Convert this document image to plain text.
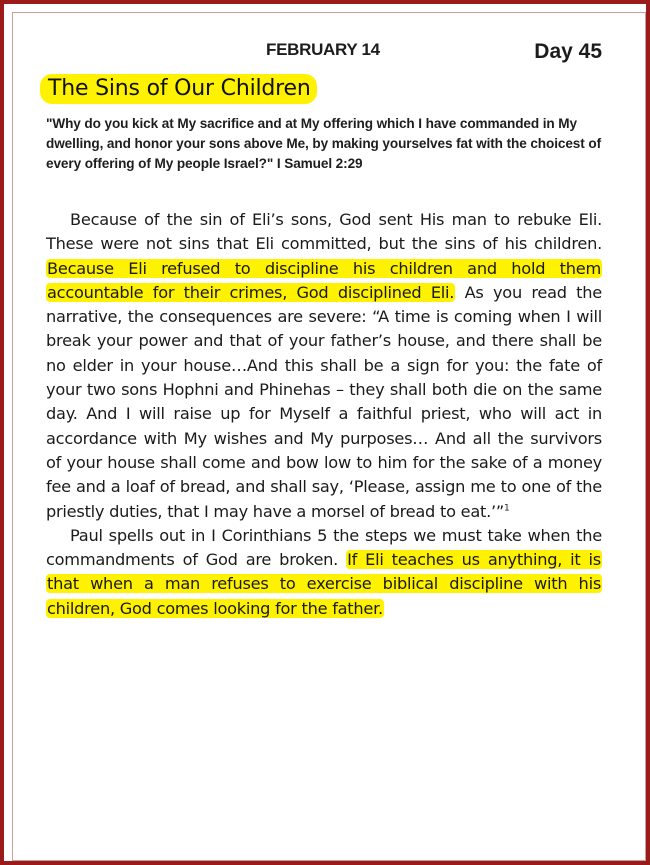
FEBRUARY 14	Day 45
The Sins of Our Children
"Why do you kick at My sacrifice and at My offering which I have commanded in My dwelling, and honor your sons above Me, by making yourselves fat with the choicest of every offering of My people Israel?" I Samuel 2:29

Because of the sin of Eli’s sons, God sent His man to rebuke Eli. These were not sins that Eli committed, but the sins of his children. Because Eli refused to discipline his children and hold them accountable for their crimes, God disciplined Eli. As you read the narrative, the consequences are severe: “A time is coming when I will break your power and that of your father’s house, and there shall be no elder in your house…And this shall be a sign for you: the fate of your two sons Hophni and Phinehas – they shall both die on the same day. And I will raise up for Myself a faithful priest, who will act in accordance with My wishes and My purposes… And all the survivors of your house shall come and bow low to him for the sake of a money fee and a loaf of bread, and shall say, ‘Please, assign me to one of the priestly duties, that I may have a morsel of bread to eat.’”$^1$

Paul spells out in I Corinthians 5 the steps we must take when the commandments of God are broken. If Eli teaches us anything, it is that when a man refuses to exercise biblical discipline with his children, God comes looking for the father.
